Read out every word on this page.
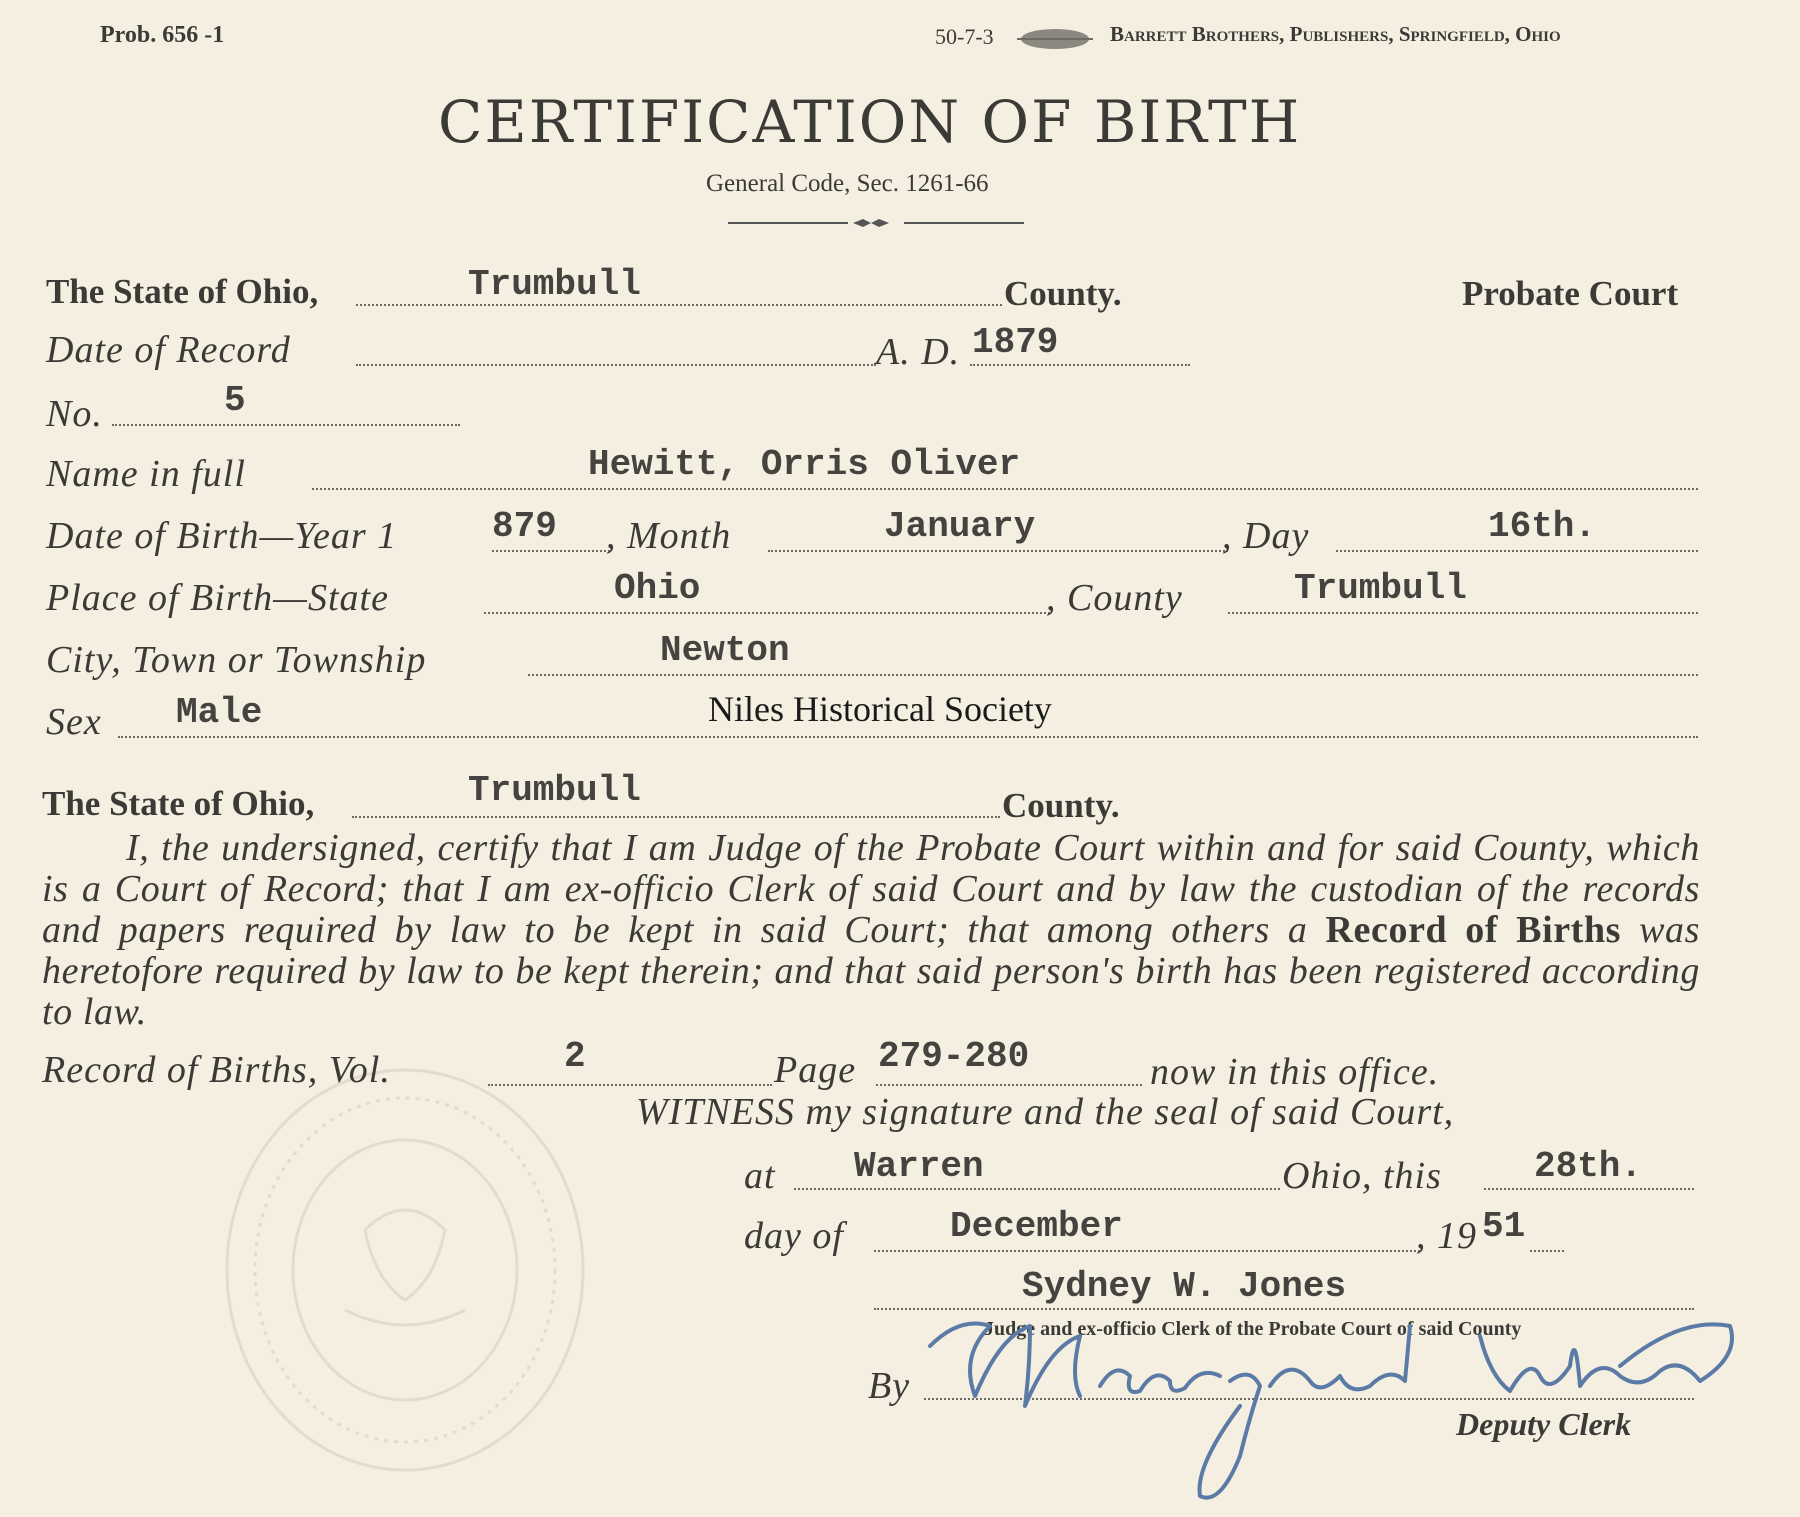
Prob. 656 -1	50-7-3	Barrett Brothers, Publishers, Springfield, Ohio
CERTIFICATION OF BIRTH
General Code, Sec. 1261-66
The State of Ohio,	Trumbull	County.	Probate Court
Date of Record	A. D. 1879
No.	5
Name in full	Hewitt, Orris Oliver
Date of Birth—Year 1	879 , Month	January	, Day	16th.
Place of Birth—State	Ohio	, County	Trumbull
City, Town or Township	Newton
Sex Male	Niles Historical Society
The State of Ohio,	Trumbull	County.
I, the undersigned, certify that I am Judge of the Probate Court within and for said County, which is a Court of Record; that I am ex-officio Clerk of said Court and by law the custodian of the records and papers required by law to be kept in said Court; that among others a Record of Births was heretofore required by law to be kept therein; and that said person's birth has been registered according to law.
Record of Births, Vol.	2	Page 279-280	now in this office.
WITNESS my signature and the seal of said Court,
at Warren	Ohio, this	28th.
day of	December	, 19 51
Sydney W. Jones
Judge and ex-officio Clerk of the Probate Court of said County
By
Deputy Clerk
